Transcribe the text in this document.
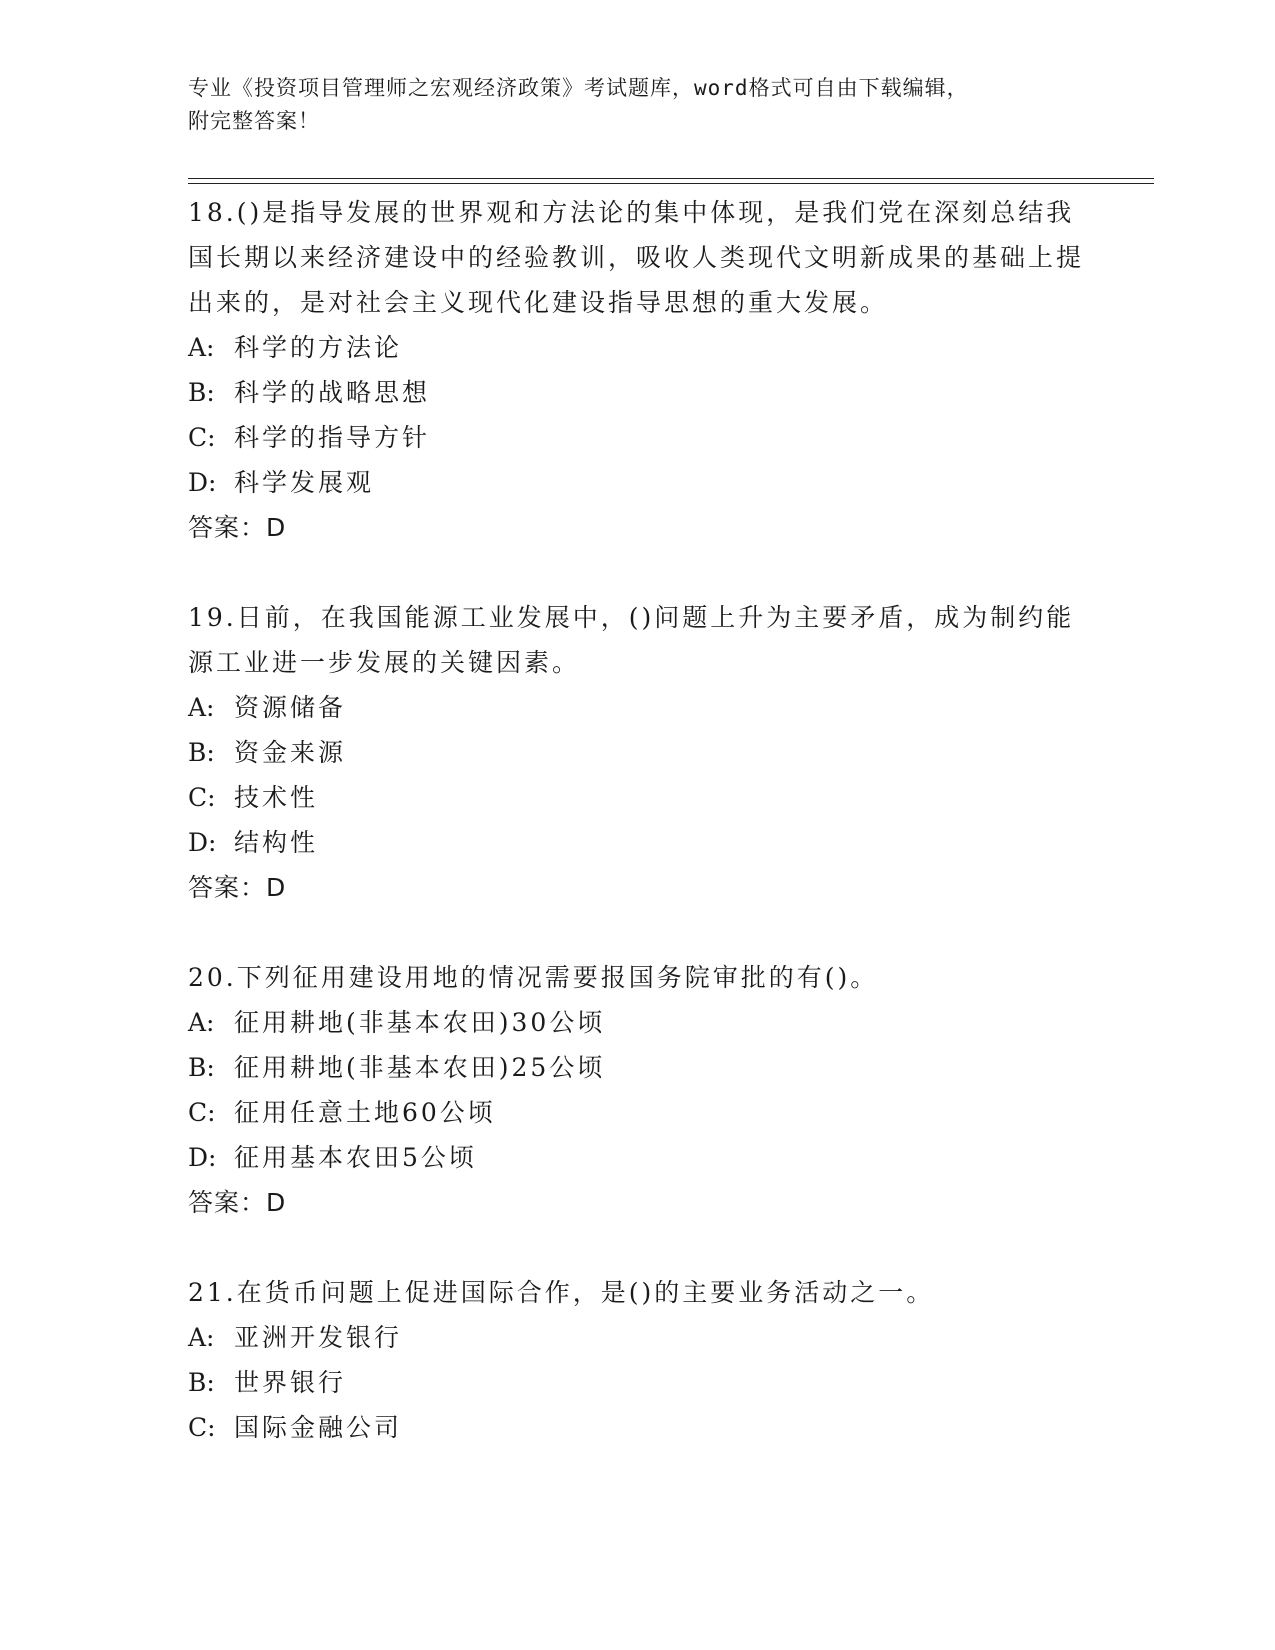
专业《投资项目管理师之宏观经济政策》考试题库，word格式可自由下载编辑，
附完整答案！

18.()是指导发展的世界观和方法论的集中体现，是我们党在深刻总结我国长期以来经济建设中的经验教训，吸收人类现代文明新成果的基础上提出来的，是对社会主义现代化建设指导思想的重大发展。

A: 科学的方法论

B: 科学的战略思想

C: 科学的指导方针

D: 科学发展观

答案：D

19.日前，在我国能源工业发展中，()问题上升为主要矛盾，成为制约能源工业进一步发展的关键因素。

A: 资源储备

B: 资金来源

C: 技术性

D: 结构性

答案：D

20.下列征用建设用地的情况需要报国务院审批的有()。

A: 征用耕地(非基本农田)30公顷

B: 征用耕地(非基本农田)25公顷

C: 征用任意土地60公顷

D: 征用基本农田5公顷

答案：D

21.在货币问题上促进国际合作，是()的主要业务活动之一。

A: 亚洲开发银行

B: 世界银行

C: 国际金融公司
